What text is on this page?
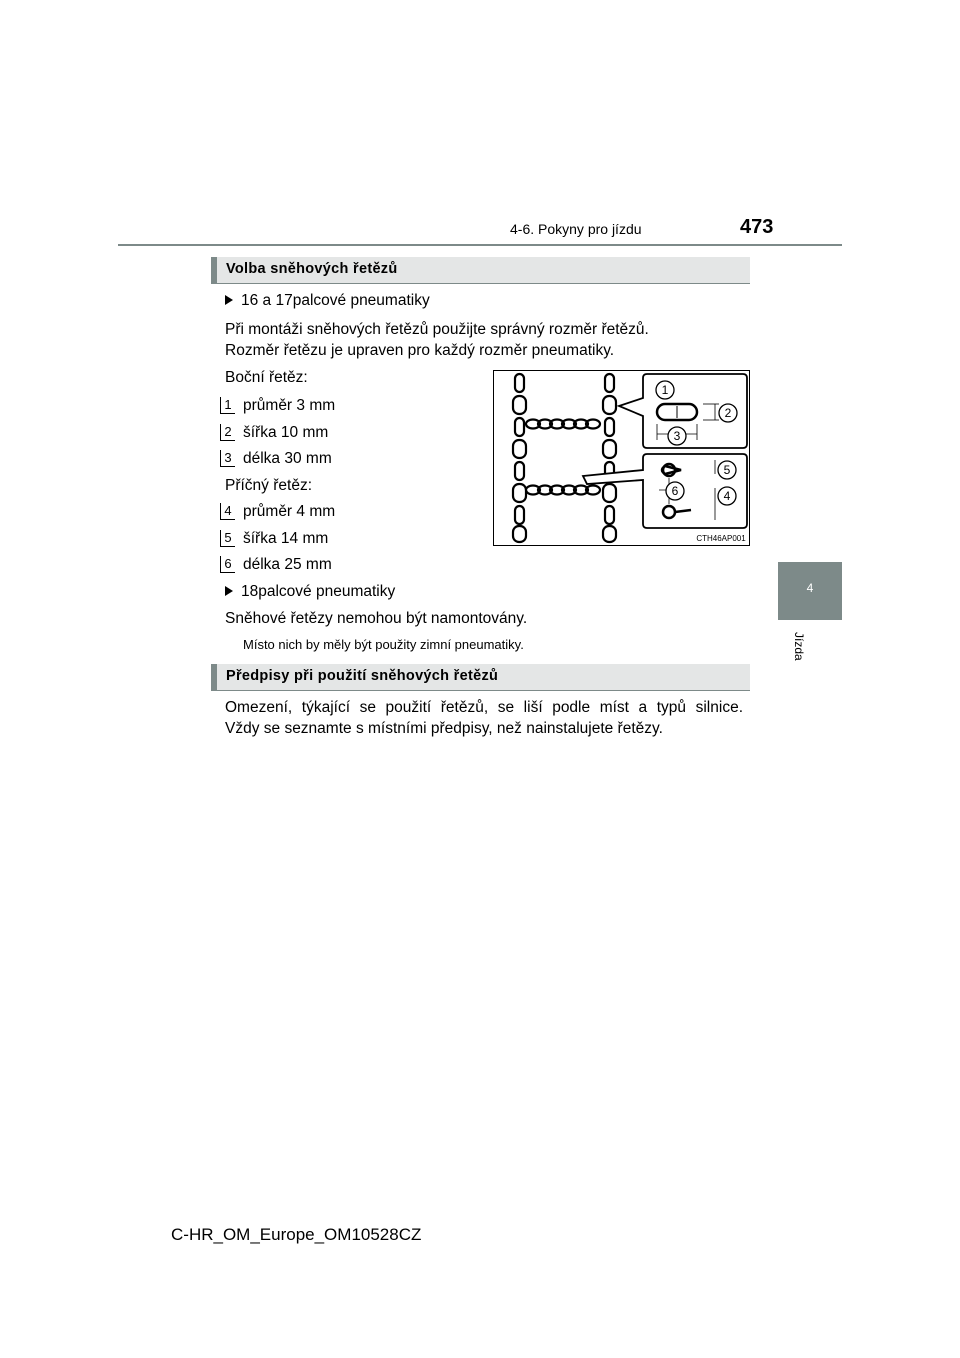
4-6. Pokyny pro jízdu	473
4
Jízda
Volba sněhových řetězů
16 a 17palcové pneumatiky
Při montáži sněhových řetězů použijte správný rozměr řetězů.
Rozměr řetězu je upraven pro každý rozměr pneumatiky.
Boční řetěz:
1 průměr 3 mm
2 šířka 10 mm
3 délka 30 mm
Příčný řetěz:
4 průměr 4 mm
5 šířka 14 mm
6 délka 25 mm
18palcové pneumatiky
Sněhové řetězy nemohou být namontovány.
Místo nich by měly být použity zimní pneumatiky.
1
2
3
4
5
6
CTH46AP001
Předpisy při použití sněhových řetězů
Omezení, týkající se použití řetězů, se liší podle míst a typů silnice.
Vždy se seznamte s místními předpisy, než nainstalujete řetězy.
C-HR_OM_Europe_OM10528CZ
